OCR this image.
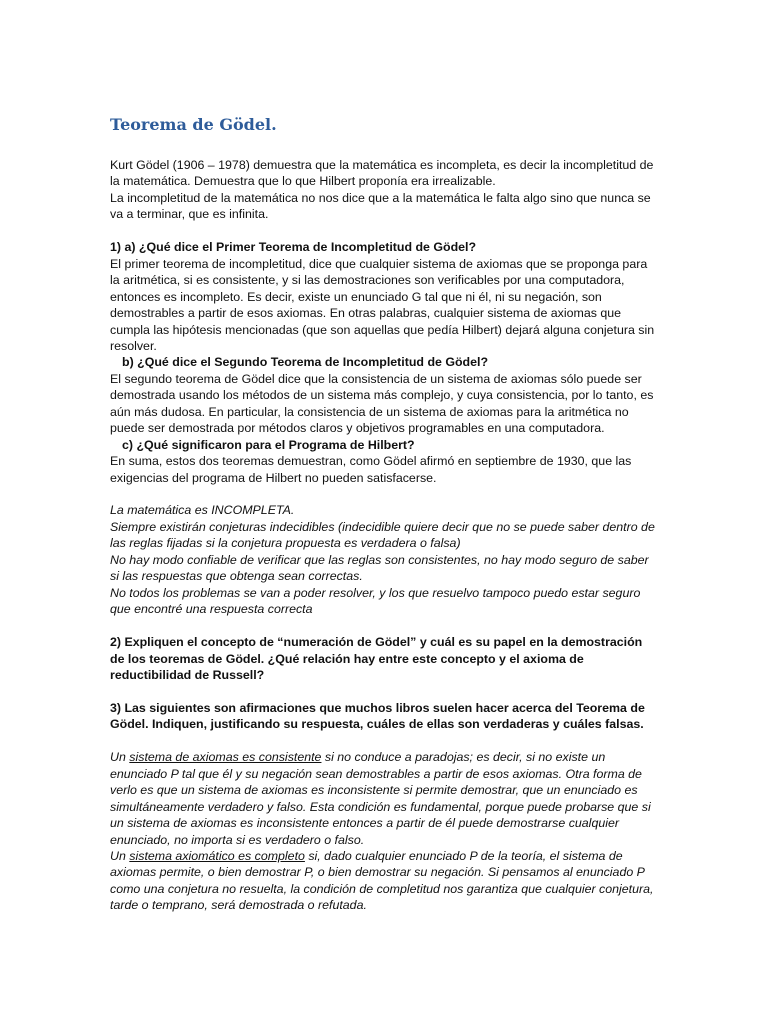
Teorema de Gödel.

Kurt Gödel (1906 – 1978) demuestra que la matemática es incompleta, es decir la incompletitud de la matemática. Demuestra que lo que Hilbert proponía era irrealizable.

La incompletitud de la matemática no nos dice que a la matemática le falta algo sino que nunca se va a terminar, que es infinita.

1) a) ¿Qué dice el Primer Teorema de Incompletitud de Gödel?

El primer teorema de incompletitud, dice que cualquier sistema de axiomas que se proponga para la aritmética, si es consistente, y si las demostraciones son verificables por una computadora, entonces es incompleto. Es decir, existe un enunciado G tal que ni él, ni su negación, son demostrables a partir de esos axiomas. En otras palabras, cualquier sistema de axiomas que cumpla las hipótesis mencionadas (que son aquellas que pedía Hilbert) dejará alguna conjetura sin resolver.

b) ¿Qué dice el Segundo Teorema de Incompletitud de Gödel?

El segundo teorema de Gödel dice que la consistencia de un sistema de axiomas sólo puede ser demostrada usando los métodos de un sistema más complejo, y cuya consistencia, por lo tanto, es aún más dudosa. En particular, la consistencia de un sistema de axiomas para la aritmética no puede ser demostrada por métodos claros y objetivos programables en una computadora.

c) ¿Qué significaron para el Programa de Hilbert?

En suma, estos dos teoremas demuestran, como Gödel afirmó en septiembre de 1930, que las exigencias del programa de Hilbert no pueden satisfacerse.

La matemática es INCOMPLETA.

Siempre existirán conjeturas indecidibles (indecidible quiere decir que no se puede saber dentro de las reglas fijadas si la conjetura propuesta es verdadera o falsa)

No hay modo confiable de verificar que las reglas son consistentes, no hay modo seguro de saber si las respuestas que obtenga sean correctas.

No todos los problemas se van a poder resolver, y los que resuelvo tampoco puedo estar seguro que encontré una respuesta correcta

2) Expliquen el concepto de “numeración de Gödel” y cuál es su papel en la demostración de los teoremas de Gödel. ¿Qué relación hay entre este concepto y el axioma de reductibilidad de Russell?

3) Las siguientes son afirmaciones que muchos libros suelen hacer acerca del Teorema de Gödel. Indiquen, justificando su respuesta, cuáles de ellas son verdaderas y cuáles falsas.

Un sistema de axiomas es consistente si no conduce a paradojas; es decir, si no existe un enunciado P tal que él y su negación sean demostrables a partir de esos axiomas. Otra forma de verlo es que un sistema de axiomas es inconsistente si permite demostrar, que un enunciado es simultáneamente verdadero y falso. Esta condición es fundamental, porque puede probarse que si un sistema de axiomas es inconsistente entonces a partir de él puede demostrarse cualquier enunciado, no importa si es verdadero o falso.

Un sistema axiomático es completo si, dado cualquier enunciado P de la teoría, el sistema de axiomas permite, o bien demostrar P, o bien demostrar su negación. Si pensamos al enunciado P como una conjetura no resuelta, la condición de completitud nos garantiza que cualquier conjetura, tarde o temprano, será demostrada o refutada.
